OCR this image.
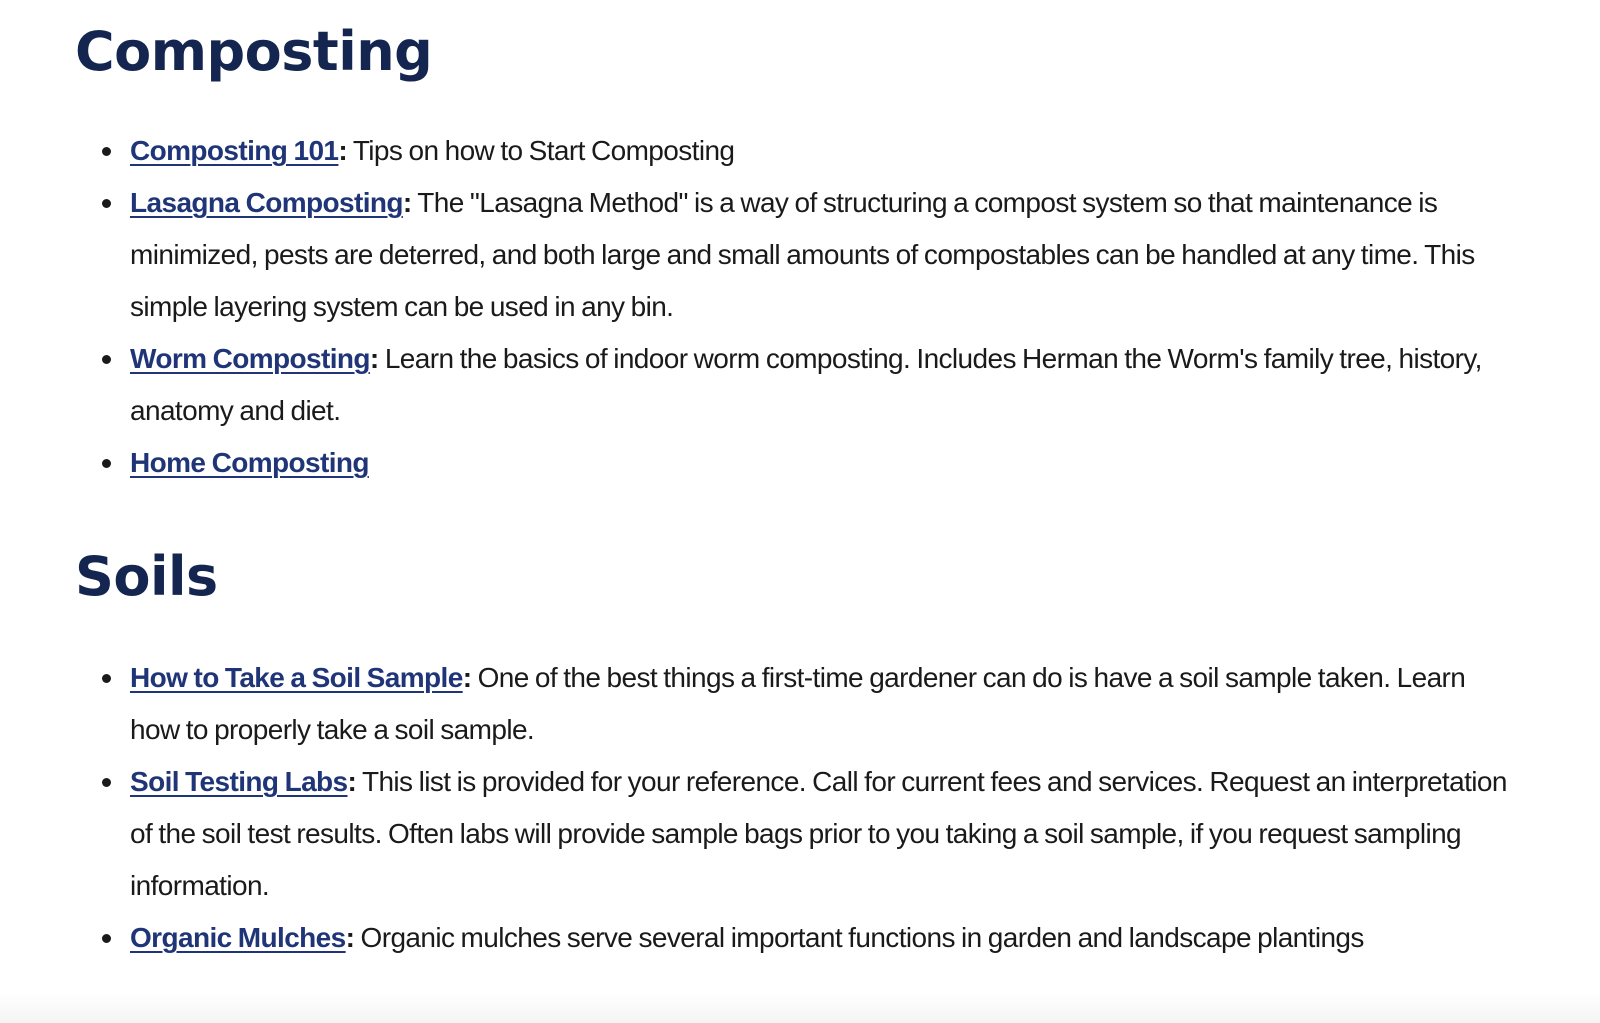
Composting
Composting 101: Tips on how to Start Composting
Lasagna Composting: The "Lasagna Method" is a way of structuring a compost system so that maintenance is minimized, pests are deterred, and both large and small amounts of compostables can be handled at any time. This simple layering system can be used in any bin.
Worm Composting: Learn the basics of indoor worm composting. Includes Herman the Worm's family tree, history, anatomy and diet.
Home Composting
Soils
How to Take a Soil Sample: One of the best things a first-time gardener can do is have a soil sample taken. Learn how to properly take a soil sample.
Soil Testing Labs: This list is provided for your reference. Call for current fees and services. Request an interpretation of the soil test results. Often labs will provide sample bags prior to you taking a soil sample, if you request sampling information.
Organic Mulches: Organic mulches serve several important functions in garden and landscape plantings
